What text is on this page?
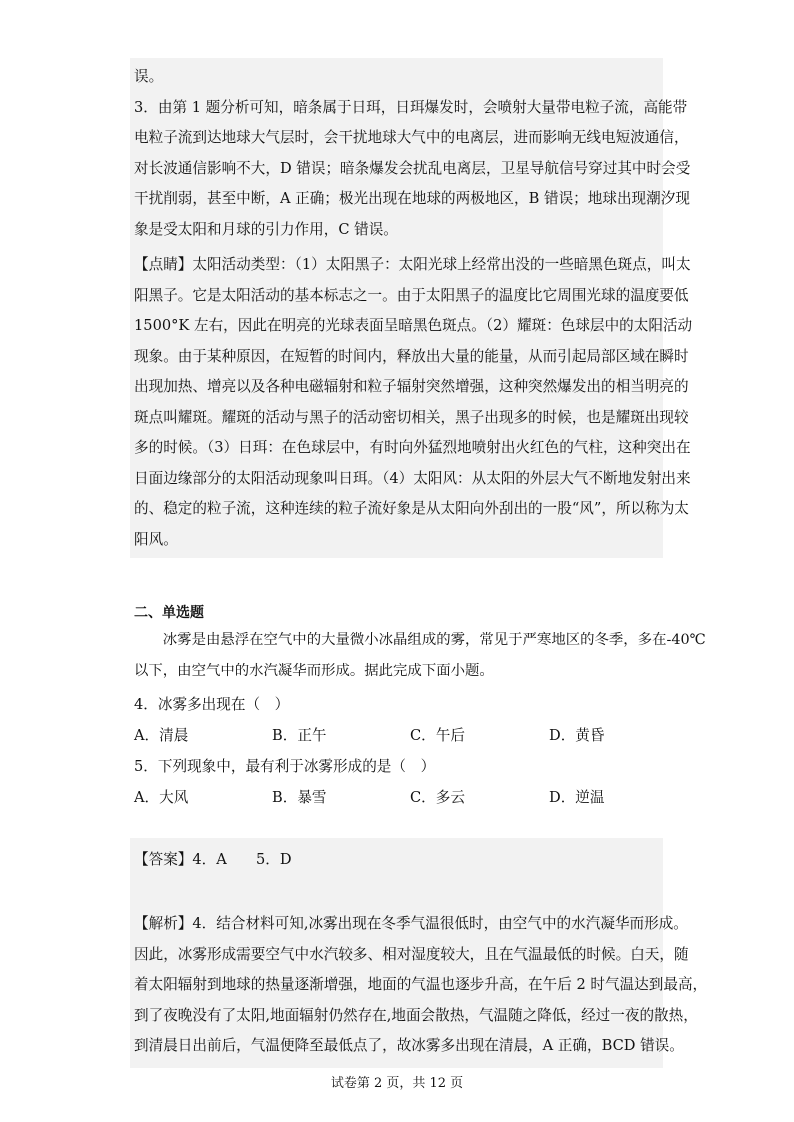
误。
3．由第 1 题分析可知，暗条属于日珥，日珥爆发时，会喷射大量带电粒子流，高能带
电粒子流到达地球大气层时，会干扰地球大气中的电离层，进而影响无线电短波通信，
对长波通信影响不大，D 错误；暗条爆发会扰乱电离层，卫星导航信号穿过其中时会受
干扰削弱，甚至中断，A 正确；极光出现在地球的两极地区，B 错误；地球出现潮汐现
象是受太阳和月球的引力作用，C 错误。
【点睛】太阳活动类型：（1）太阳黑子：太阳光球上经常出没的一些暗黑色斑点，叫太
阳黑子。它是太阳活动的基本标志之一。由于太阳黑子的温度比它周围光球的温度要低
1500°K 左右，因此在明亮的光球表面呈暗黑色斑点。（2）耀斑：色球层中的太阳活动
现象。由于某种原因，在短暂的时间内，释放出大量的能量，从而引起局部区域在瞬时
出现加热、增亮以及各种电磁辐射和粒子辐射突然增强，这种突然爆发出的相当明亮的
斑点叫耀斑。耀斑的活动与黑子的活动密切相关，黑子出现多的时候，也是耀斑出现较
多的时候。（3）日珥：在色球层中，有时向外猛烈地喷射出火红色的气柱，这种突出在
日面边缘部分的太阳活动现象叫日珥。（4）太阳风：从太阳的外层大气不断地发射出来
的、稳定的粒子流，这种连续的粒子流好象是从太阳向外刮出的一股“风”，所以称为太
阳风。
二、单选题
　　冰雾是由悬浮在空气中的大量微小冰晶组成的雾，常见于严寒地区的冬季，多在-40℃
以下，由空气中的水汽凝华而形成。据此完成下面小题。
4．冰雾多出现在（　）
A．清晨	B．正午	C．午后	D．黄昏
5．下列现象中，最有利于冰雾形成的是（　）
A．大风	B．暴雪	C．多云	D．逆温
【答案】4．A　　5．D
【解析】4．结合材料可知,冰雾出现在冬季气温很低时，由空气中的水汽凝华而形成。
因此，冰雾形成需要空气中水汽较多、相对湿度较大，且在气温最低的时候。白天，随
着太阳辐射到地球的热量逐渐增强，地面的气温也逐步升高，在午后 2 时气温达到最高，
到了夜晚没有了太阳,地面辐射仍然存在,地面会散热，气温随之降低，经过一夜的散热，
到清晨日出前后，气温便降至最低点了，故冰雾多出现在清晨，A 正确，BCD 错误。
试卷第 2 页，共 12 页
